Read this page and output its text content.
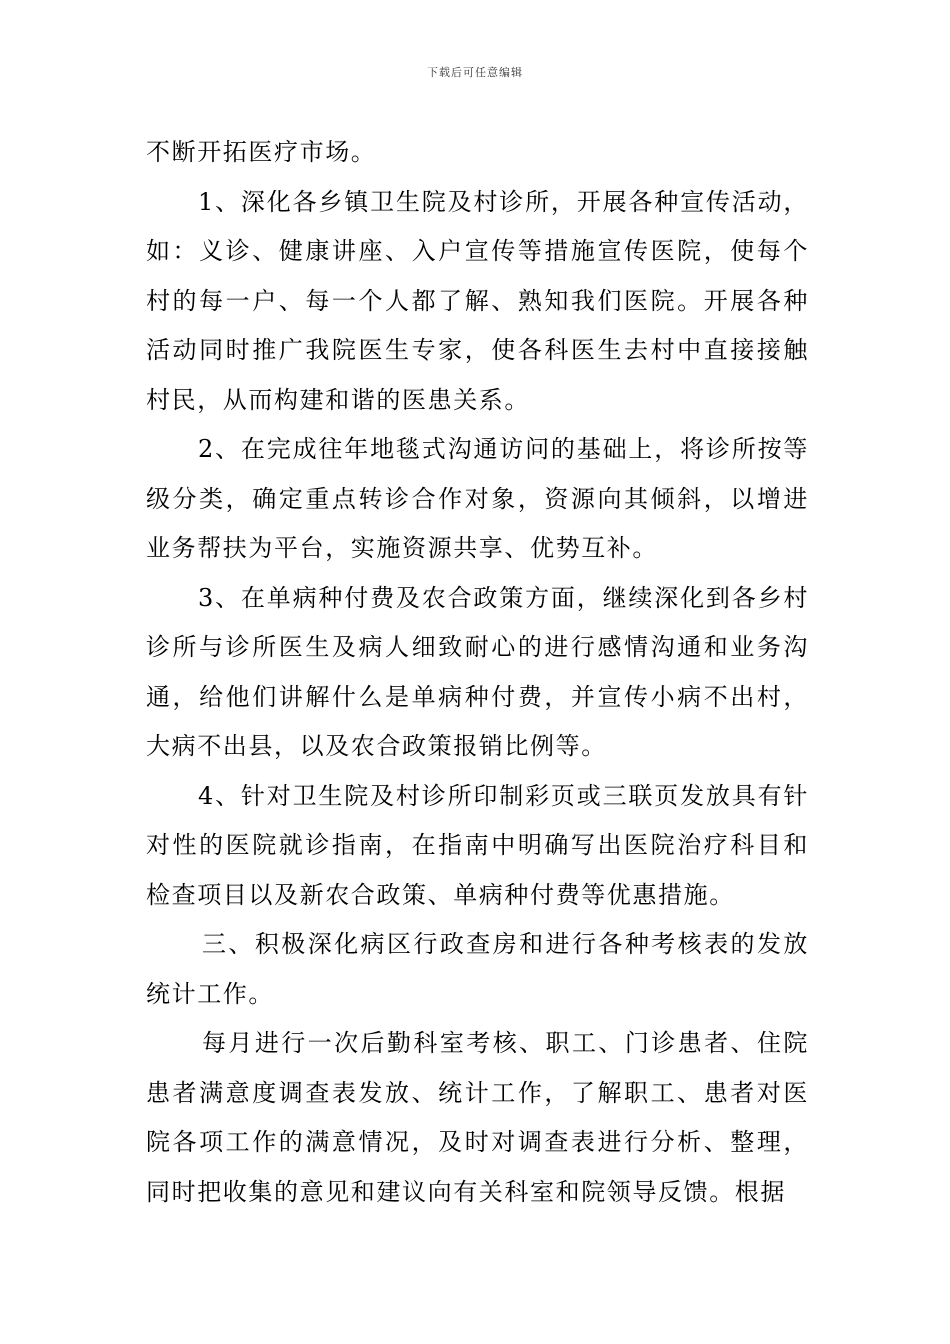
下载后可任意编辑

不断开拓医疗市场。

1、深化各乡镇卫生院及村诊所，开展各种宣传活动，如：义诊、健康讲座、入户宣传等措施宣传医院，使每个村的每一户、每一个人都了解、熟知我们医院。开展各种活动同时推广我院医生专家，使各科医生去村中直接接触村民，从而构建和谐的医患关系。

2、在完成往年地毯式沟通访问的基础上，将诊所按等级分类，确定重点转诊合作对象，资源向其倾斜，以增进业务帮扶为平台，实施资源共享、优势互补。

3、在单病种付费及农合政策方面，继续深化到各乡村诊所与诊所医生及病人细致耐心的进行感情沟通和业务沟通，给他们讲解什么是单病种付费，并宣传小病不出村，大病不出县，以及农合政策报销比例等。

4、针对卫生院及村诊所印制彩页或三联页发放具有针对性的医院就诊指南，在指南中明确写出医院治疗科目和检查项目以及新农合政策、单病种付费等优惠措施。

三、积极深化病区行政查房和进行各种考核表的发放统计工作。

每月进行一次后勤科室考核、职工、门诊患者、住院患者满意度调查表发放、统计工作，了解职工、患者对医院各项工作的满意情况，及时对调查表进行分析、整理，同时把收集的意见和建议向有关科室和院领导反馈。根据
